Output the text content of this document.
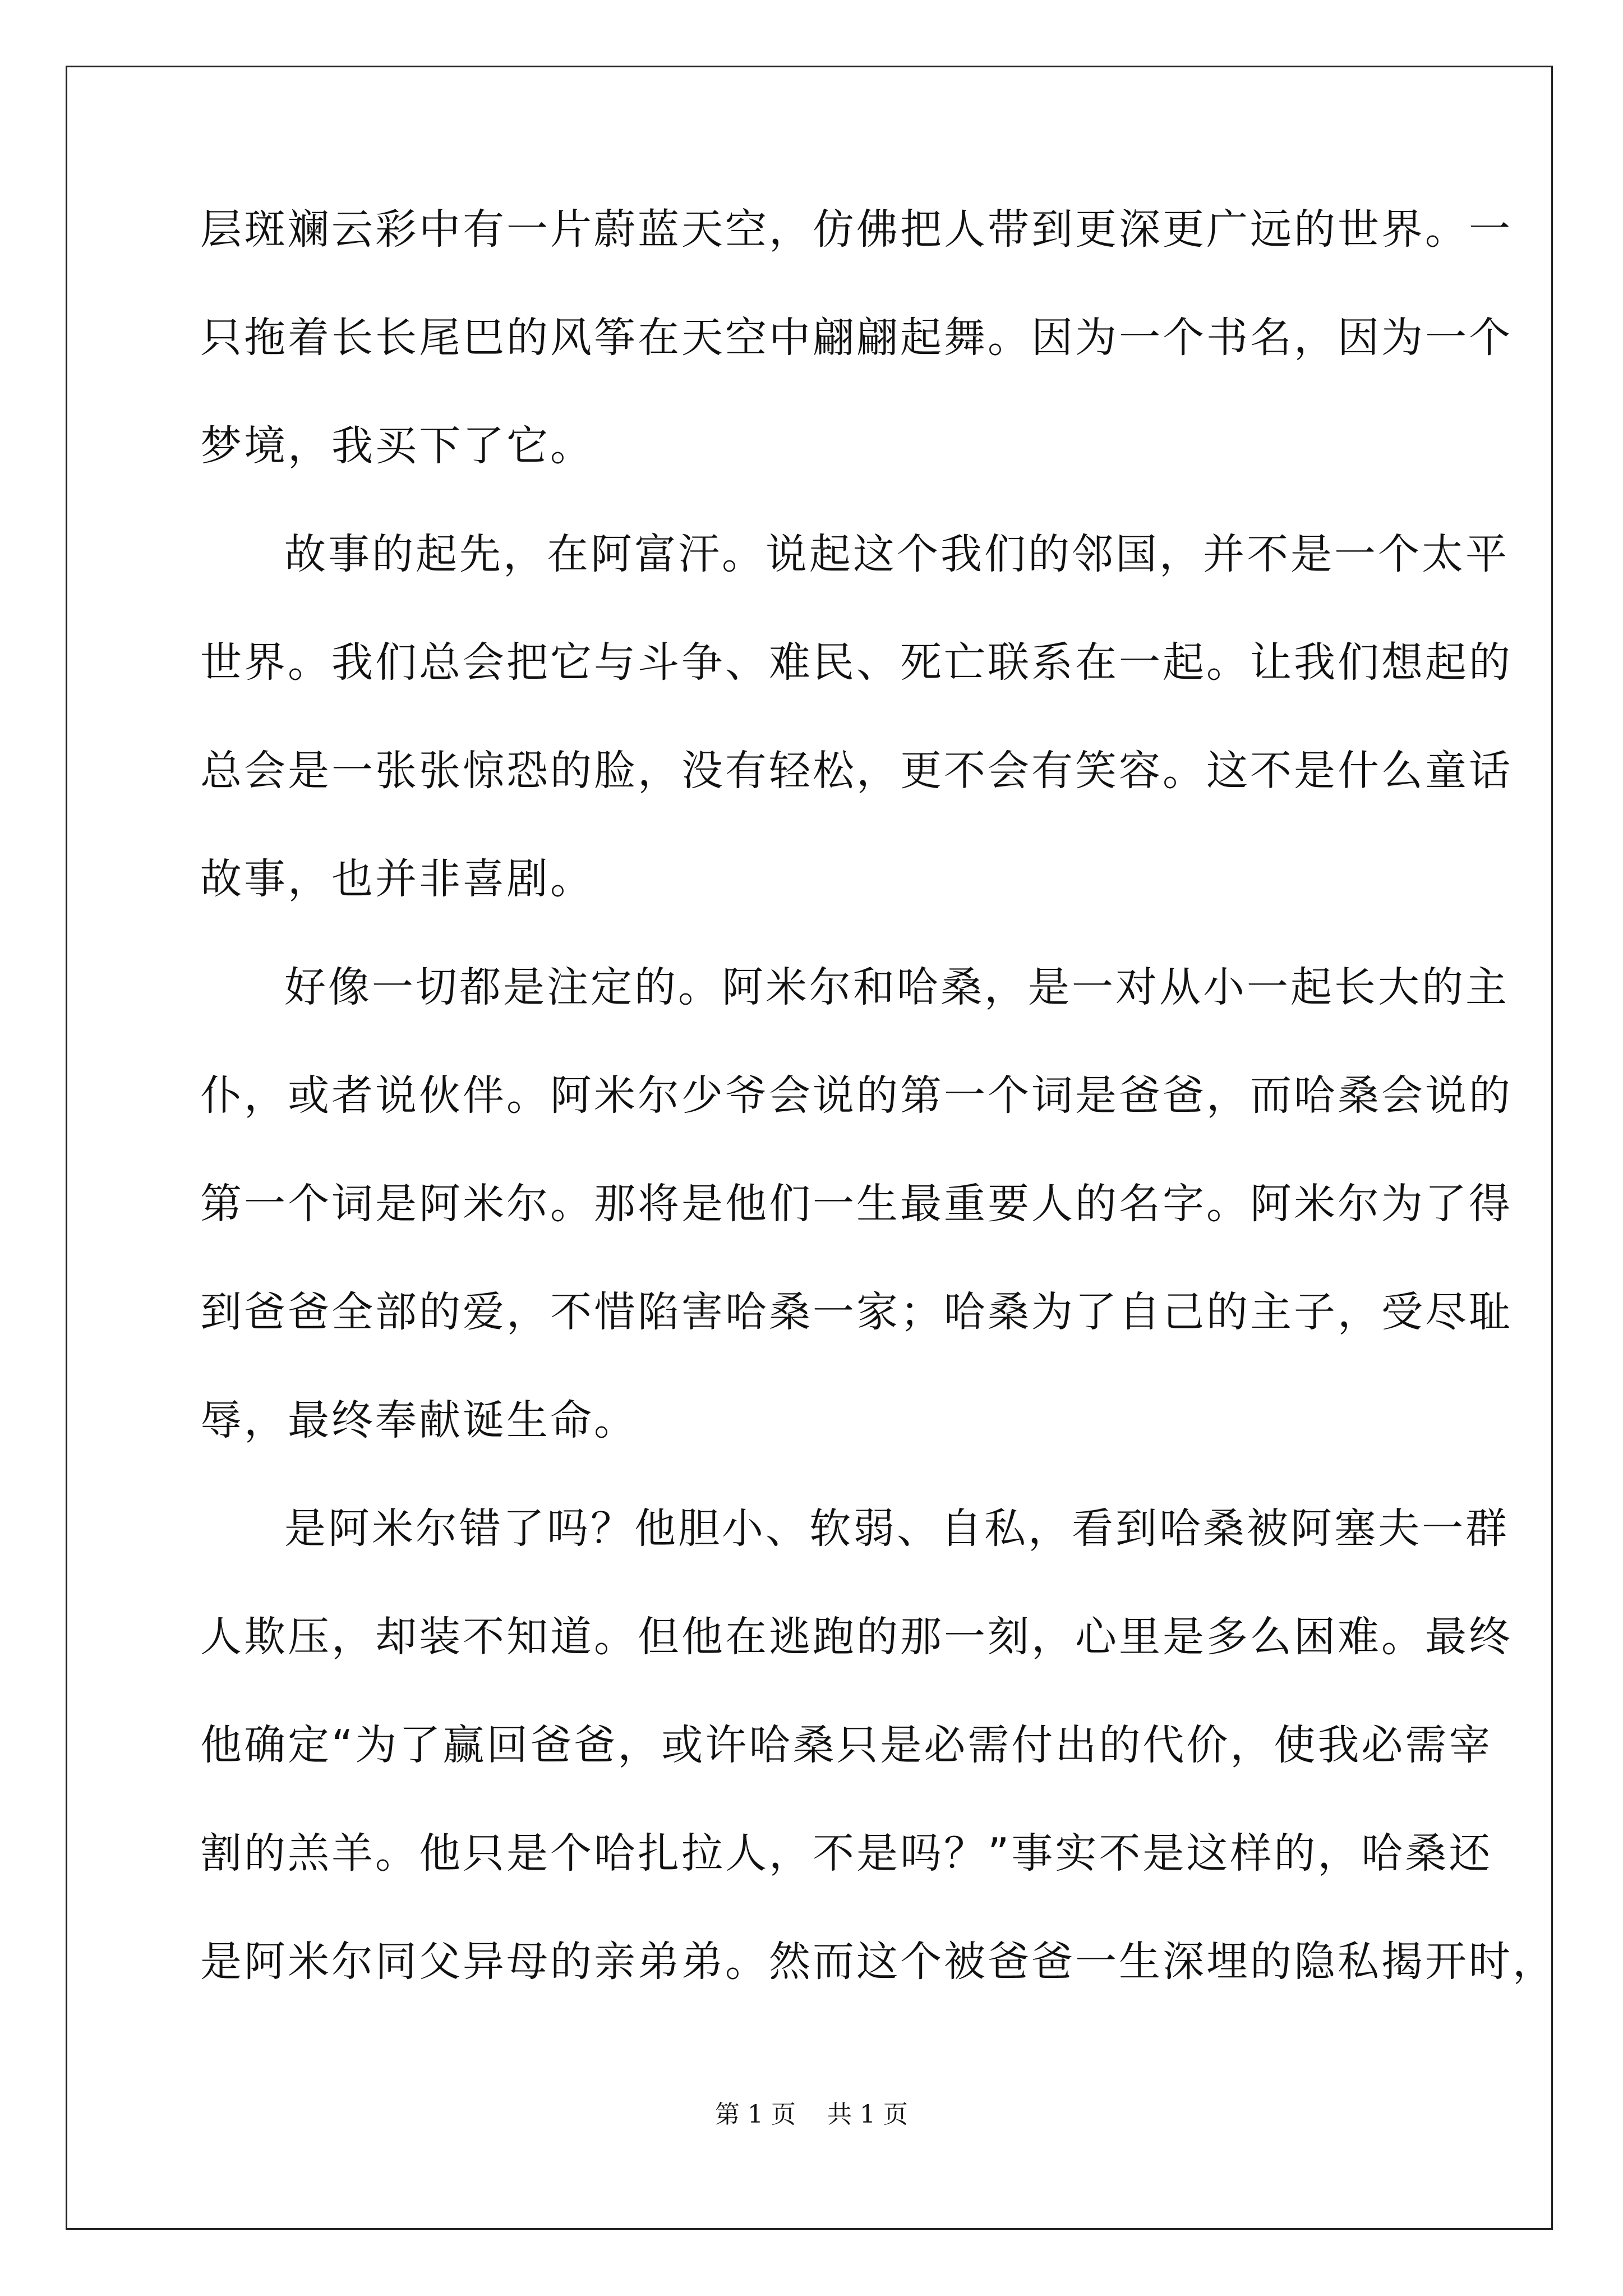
层斑斓云彩中有一片蔚蓝天空，仿佛把人带到更深更广远的世界。一
只拖着长长尾巴的风筝在天空中翩翩起舞。因为一个书名，因为一个
梦境，我买下了它。
故事的起先，在阿富汗。说起这个我们的邻国，并不是一个太平
世界。我们总会把它与斗争、难民、死亡联系在一起。让我们想起的
总会是一张张惊恐的脸，没有轻松，更不会有笑容。这不是什么童话
故事，也并非喜剧。
好像一切都是注定的。阿米尔和哈桑，是一对从小一起长大的主
仆，或者说伙伴。阿米尔少爷会说的第一个词是爸爸，而哈桑会说的
第一个词是阿米尔。那将是他们一生最重要人的名字。阿米尔为了得
到爸爸全部的爱，不惜陷害哈桑一家；哈桑为了自己的主子，受尽耻
辱，最终奉献诞生命。
是阿米尔错了吗？他胆小、软弱、自私，看到哈桑被阿塞夫一群
人欺压，却装不知道。但他在逃跑的那一刻，心里是多么困难。最终
他确定“为了赢回爸爸，或许哈桑只是必需付出的代价，使我必需宰
割的羔羊。他只是个哈扎拉人，不是吗？”事实不是这样的，哈桑还
是阿米尔同父异母的亲弟弟。然而这个被爸爸一生深埋的隐私揭开时，
第 1 页    共 1 页
